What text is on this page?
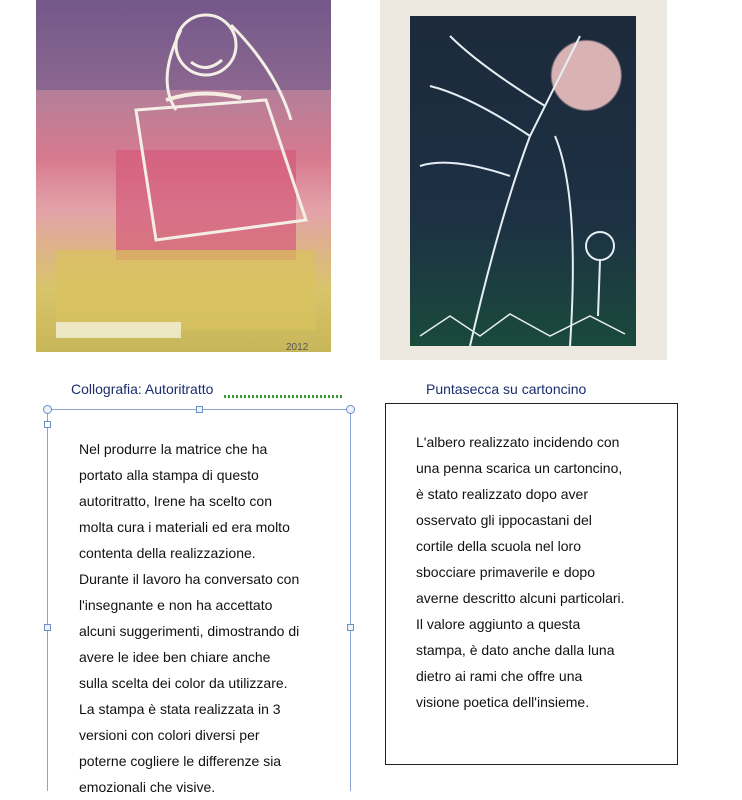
2012
Collografia: Autoritratto	Puntasecca su cartoncino

Nel produrre la matrice che ha
portato alla stampa di questo
autoritratto, Irene ha scelto con
molta cura i materiali ed era molto
contenta della realizzazione.
Durante il lavoro ha conversato con
l'insegnante e non ha accettato
alcuni suggerimenti, dimostrando di
avere le idee ben chiare anche
sulla scelta dei color da utilizzare.
La stampa è stata realizzata in 3
versioni con colori diversi per
poterne cogliere le differenze sia
emozionali che visive.

L'albero realizzato incidendo con
una penna scarica un cartoncino,
è stato realizzato dopo aver
osservato gli ippocastani del
cortile della scuola nel loro
sbocciare primaverile e dopo
averne descritto alcuni particolari.
Il valore aggiunto a questa
stampa, è dato anche dalla luna
dietro ai rami che offre una
visione poetica dell'insieme.
